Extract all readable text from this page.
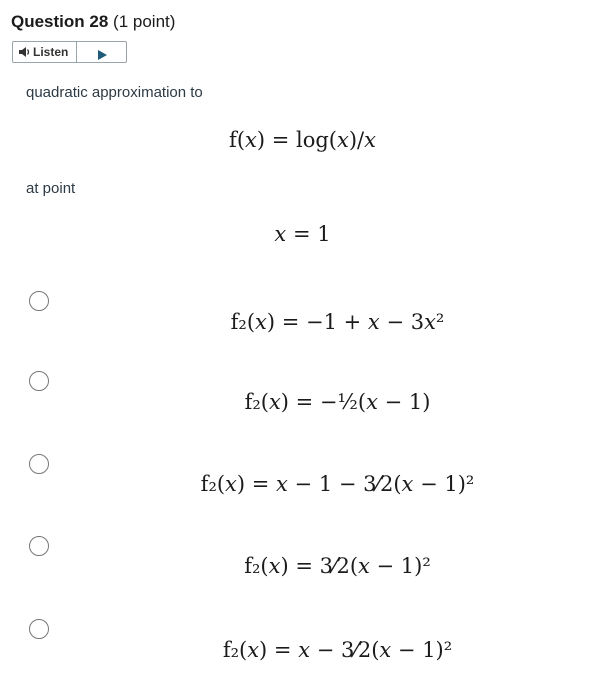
Question 28 (1 point)
Listen
quadratic approximation to
f(𝑥) = log(𝑥)/𝑥
at point
𝑥 = 1
f₂(𝑥) = −1 + 𝑥 − 3𝑥²
f₂(𝑥) = −½(𝑥 − 1)
f₂(𝑥) = 𝑥 − 1 − 3⁄2(𝑥 − 1)²
f₂(𝑥) = 3⁄2(𝑥 − 1)²
f₂(𝑥) = 𝑥 − 3⁄2(𝑥 − 1)²
